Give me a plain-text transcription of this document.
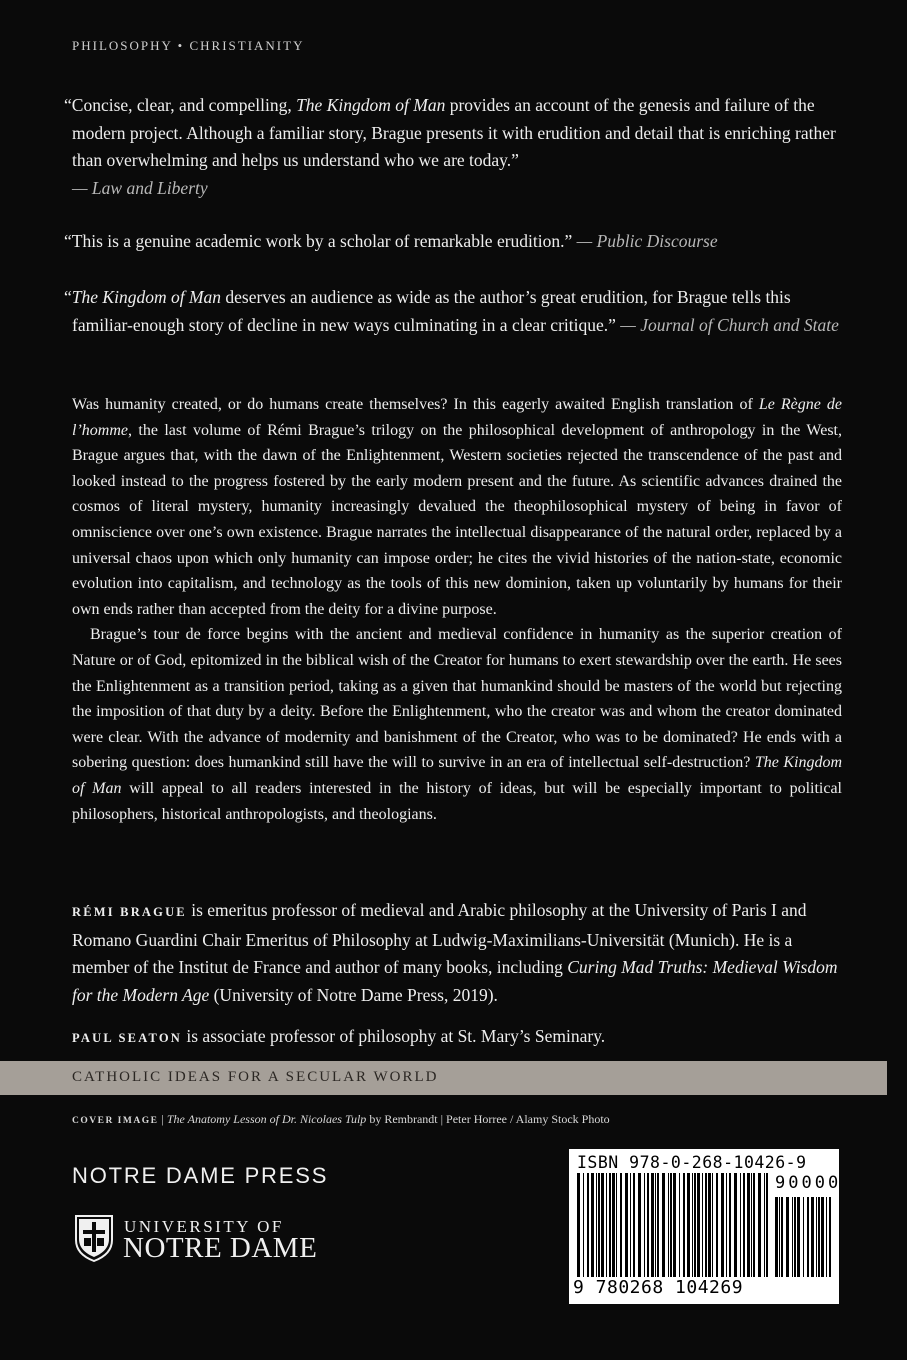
PHILOSOPHY • CHRISTIANITY
“Concise, clear, and compelling, The Kingdom of Man provides an account of the genesis and failure of the modern project. Although a familiar story, Brague presents it with erudition and detail that is enriching rather than overwhelming and helps us understand who we are today.”
— Law and Liberty
“This is a genuine academic work by a scholar of remarkable erudition.” — Public Discourse
“The Kingdom of Man deserves an audience as wide as the author’s great erudition, for Brague tells this familiar-enough story of decline in new ways culminating in a clear critique.” — Journal of Church and State

Was humanity created, or do humans create themselves? In this eagerly awaited English translation of Le Règne de l’homme, the last volume of Rémi Brague’s trilogy on the philosophical development of anthropology in the West, Brague argues that, with the dawn of the Enlightenment, Western societies rejected the transcendence of the past and looked instead to the progress fostered by the early modern present and the future. As scientific advances drained the cosmos of literal mystery, humanity increasingly devalued the theophilosophical mystery of being in favor of omniscience over one’s own existence. Brague narrates the intellectual disappearance of the natural order, replaced by a universal chaos upon which only humanity can impose order; he cites the vivid histories of the nation-state, economic evolution into capitalism, and technology as the tools of this new dominion, taken up voluntarily by humans for their own ends rather than accepted from the deity for a divine purpose.

Brague’s tour de force begins with the ancient and medieval confidence in humanity as the superior creation of Nature or of God, epitomized in the biblical wish of the Creator for humans to exert stewardship over the earth. He sees the Enlightenment as a transition period, taking as a given that humankind should be masters of the world but rejecting the imposition of that duty by a deity. Before the Enlightenment, who the creator was and whom the creator dominated were clear. With the advance of modernity and banishment of the Creator, who was to be dominated? He ends with a sobering question: does humankind still have the will to survive in an era of intellectual self-destruction? The Kingdom of Man will appeal to all readers interested in the history of ideas, but will be especially important to political philosophers, historical anthropologists, and theologians.

RÉMI BRAGUE is emeritus professor of medieval and Arabic philosophy at the University of Paris I and Romano Guardini Chair Emeritus of Philosophy at Ludwig-Maximilians-Universität (Munich). He is a member of the Institut de France and author of many books, including Curing Mad Truths: Medieval Wisdom for the Modern Age (University of Notre Dame Press, 2019).
PAUL SEATON is associate professor of philosophy at St. Mary’s Seminary.
CATHOLIC IDEAS FOR A SECULAR WORLD
COVER IMAGE | The Anatomy Lesson of Dr. Nicolaes Tulp by Rembrandt | Peter Horree / Alamy Stock Photo
NOTRE DAME PRESS
UNIVERSITY OF
NOTRE DAME
ISBN 978-0-268-10426-9
90000
9 780268 104269
